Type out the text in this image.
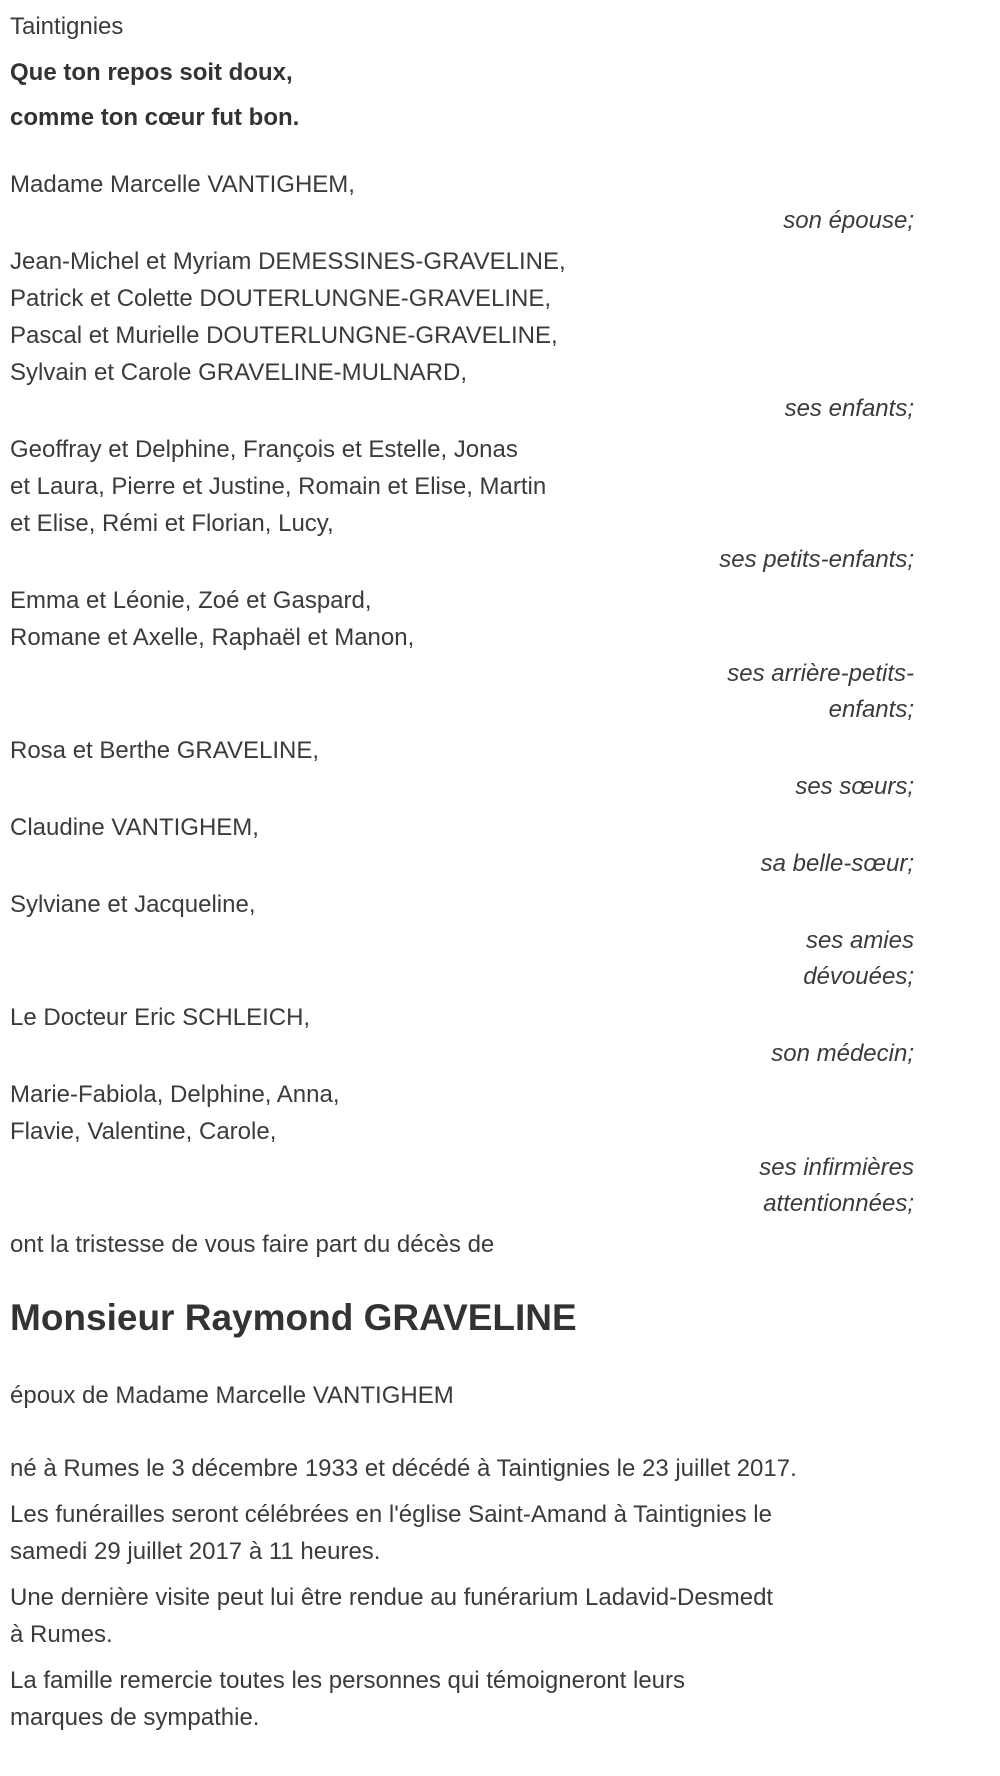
Taintignies
Que ton repos soit doux,
comme ton cœur fut bon.
Madame Marcelle VANTIGHEM,
son épouse;
Jean-Michel et Myriam DEMESSINES-GRAVELINE,
Patrick et Colette DOUTERLUNGNE-GRAVELINE,
Pascal et Murielle DOUTERLUNGNE-GRAVELINE,
Sylvain et Carole GRAVELINE-MULNARD,
ses enfants;
Geoffray et Delphine, François et Estelle, Jonas
et Laura, Pierre et Justine, Romain et Elise, Martin
et Elise, Rémi et Florian, Lucy,
ses petits-enfants;
Emma et Léonie, Zoé et Gaspard,
Romane et Axelle, Raphaël et Manon,
ses arrière-petits-
enfants;
Rosa et Berthe GRAVELINE,
ses sœurs;
Claudine VANTIGHEM,
sa belle-sœur;
Sylviane et Jacqueline,
ses amies
dévouées;
Le Docteur Eric SCHLEICH,
son médecin;
Marie-Fabiola, Delphine, Anna,
Flavie, Valentine, Carole,
ses infirmières
attentionnées;
ont la tristesse de vous faire part du décès de
Monsieur Raymond GRAVELINE
époux de Madame Marcelle VANTIGHEM
né à Rumes le 3 décembre 1933 et décédé à Taintignies le 23 juillet 2017.
Les funérailles seront célébrées en l'église Saint-Amand à Taintignies le
samedi 29 juillet 2017 à 11 heures.
Une dernière visite peut lui être rendue au funérarium Ladavid-Desmedt
à Rumes.
La famille remercie toutes les personnes qui témoigneront leurs
marques de sympathie.
